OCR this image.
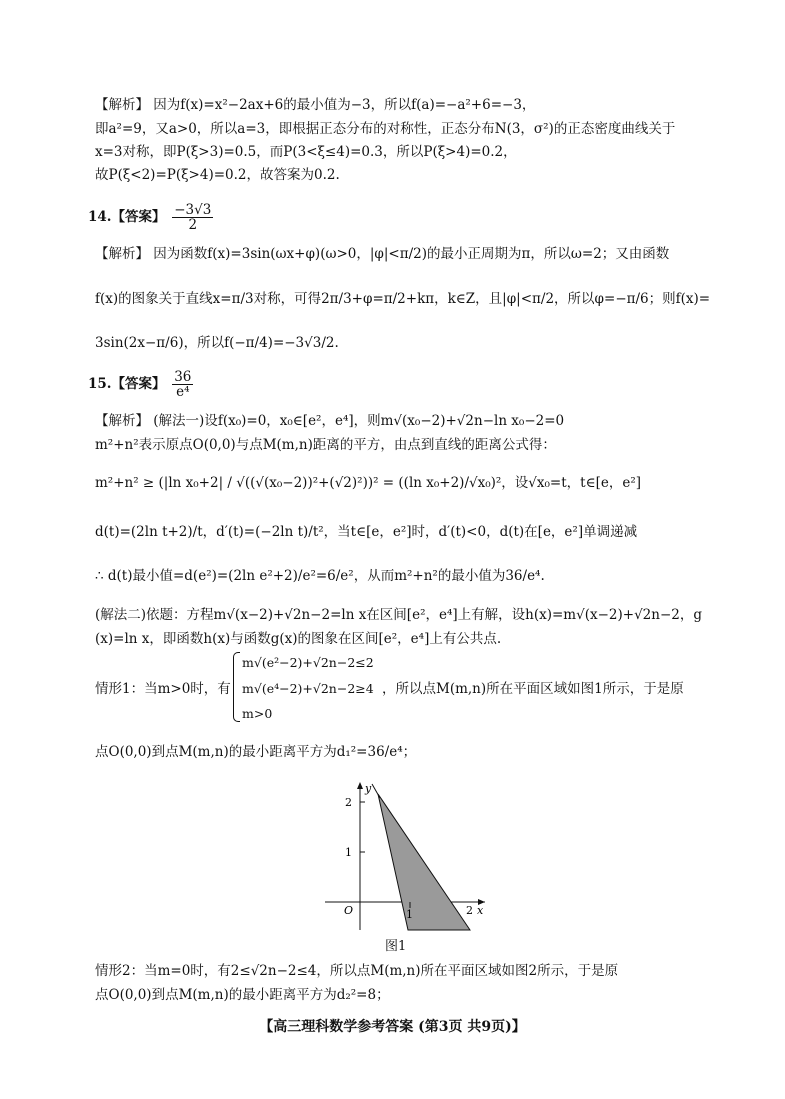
【解析】 因为f(x)=x²−2ax+6的最小值为−3，所以f(a)=−a²+6=−3，
即a²=9，又a>0，所以a=3，即根据正态分布的对称性，正态分布N(3，σ²)的正态密度曲线关于
x=3对称，即P(ξ>3)=0.5，而P(3<ξ≤4)=0.3，所以P(ξ>4)=0.2，
故P(ξ<2)=P(ξ>4)=0.2，故答案为0.2.
14.【答案】 $\frac{-3√3}{2}$
【解析】 因为函数f(x)=3sin(ωx+φ)(ω>0，|φ|<π/2)的最小正周期为π，所以ω=2；又由函数
f(x)的图象关于直线x=π/3对称，可得2π/3+φ=π/2+kπ，k∈Z，且|φ|<π/2，所以φ=−π/6；则f(x)=
3sin(2x−π/6)，所以f(−π/4)=−3√3/2.
15.【答案】 $\frac{36}{\text{e⁴}}$
【解析】 (解法一)设f(x₀)=0，x₀∈[e²，e⁴]，则m√(x₀−2)+√2n−ln x₀−2=0
m²+n²表示原点O(0,0)与点M(m,n)距离的平方，由点到直线的距离公式得：
m²+n² ≥ (|ln x₀+2| / √((√(x₀−2))²+(√2)²))² = ((ln x₀+2)/√x₀)²，设√x₀=t，t∈[e，e²]
d(t)=(2ln t+2)/t，d′(t)=(−2ln t)/t²，当t∈[e，e²]时，d′(t)<0，d(t)在[e，e²]单调递减
∴ d(t)最小值=d(e²)=(2ln e²+2)/e²=6/e²，从而m²+n²的最小值为36/e⁴.
(解法二)依题：方程m√(x−2)+√2n−2=ln x在区间[e²，e⁴]上有解，设h(x)=m√(x−2)+√2n−2，g
(x)=ln x，即函数h(x)与函数g(x)的图象在区间[e²，e⁴]上有公共点.
情形1：当m>0时，有
m√(e²−2)+√2n−2≤2
m√(e⁴−2)+√2n−2≥4
m>0
，所以点M(m,n)所在平面区域如图1所示，于是原
点O(0,0)到点M(m,n)的最小距离平方为d₁²=36/e⁴；
1
2
1	2
O	x
y
图1
情形2：当m=0时，有2≤√2n−2≤4，所以点M(m,n)所在平面区域如图2所示，于是原
点O(0,0)到点M(m,n)的最小距离平方为d₂²=8；
【高三理科数学参考答案 (第3页 共9页)】
